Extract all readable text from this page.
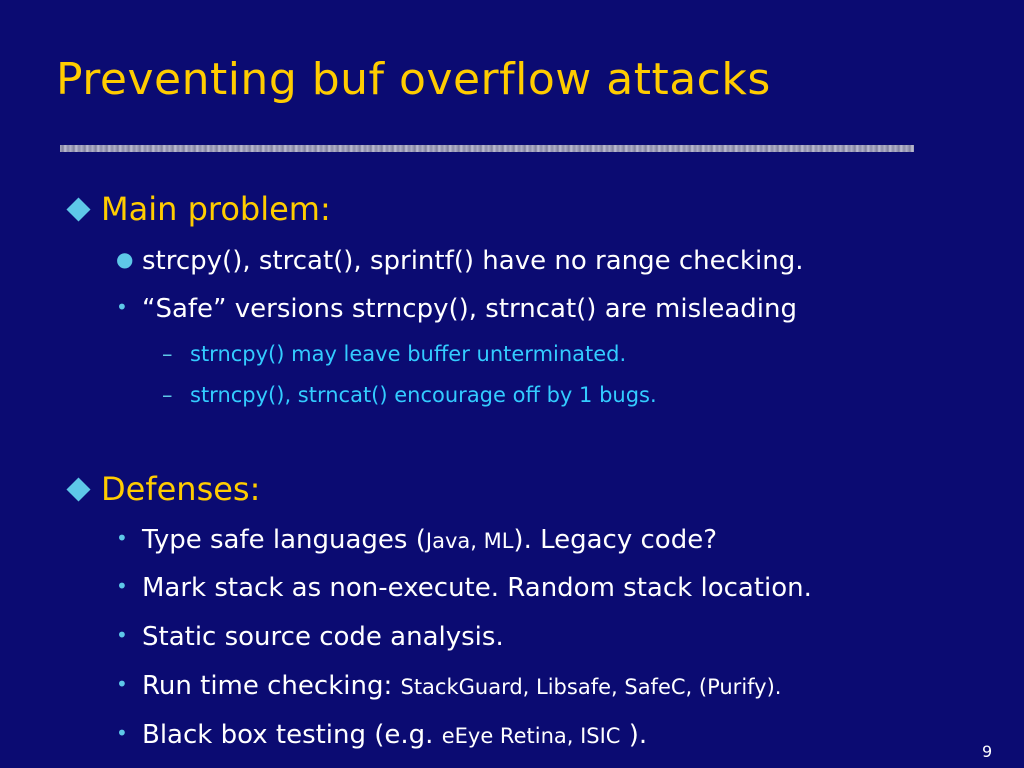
Preventing buf overflow attacks
Main problem:
● strcpy(), strcat(), sprintf() have no range checking.
• “Safe” versions strncpy(), strncat() are misleading
– strncpy() may leave buffer unterminated.
– strncpy(), strncat() encourage off by 1 bugs.
Defenses:
• Type safe languages (Java, ML). Legacy code?
• Mark stack as non-execute. Random stack location.
• Static source code analysis.
• Run time checking: StackGuard, Libsafe, SafeC, (Purify).
• Black box testing (e.g. eEye Retina, ISIC ).
9
